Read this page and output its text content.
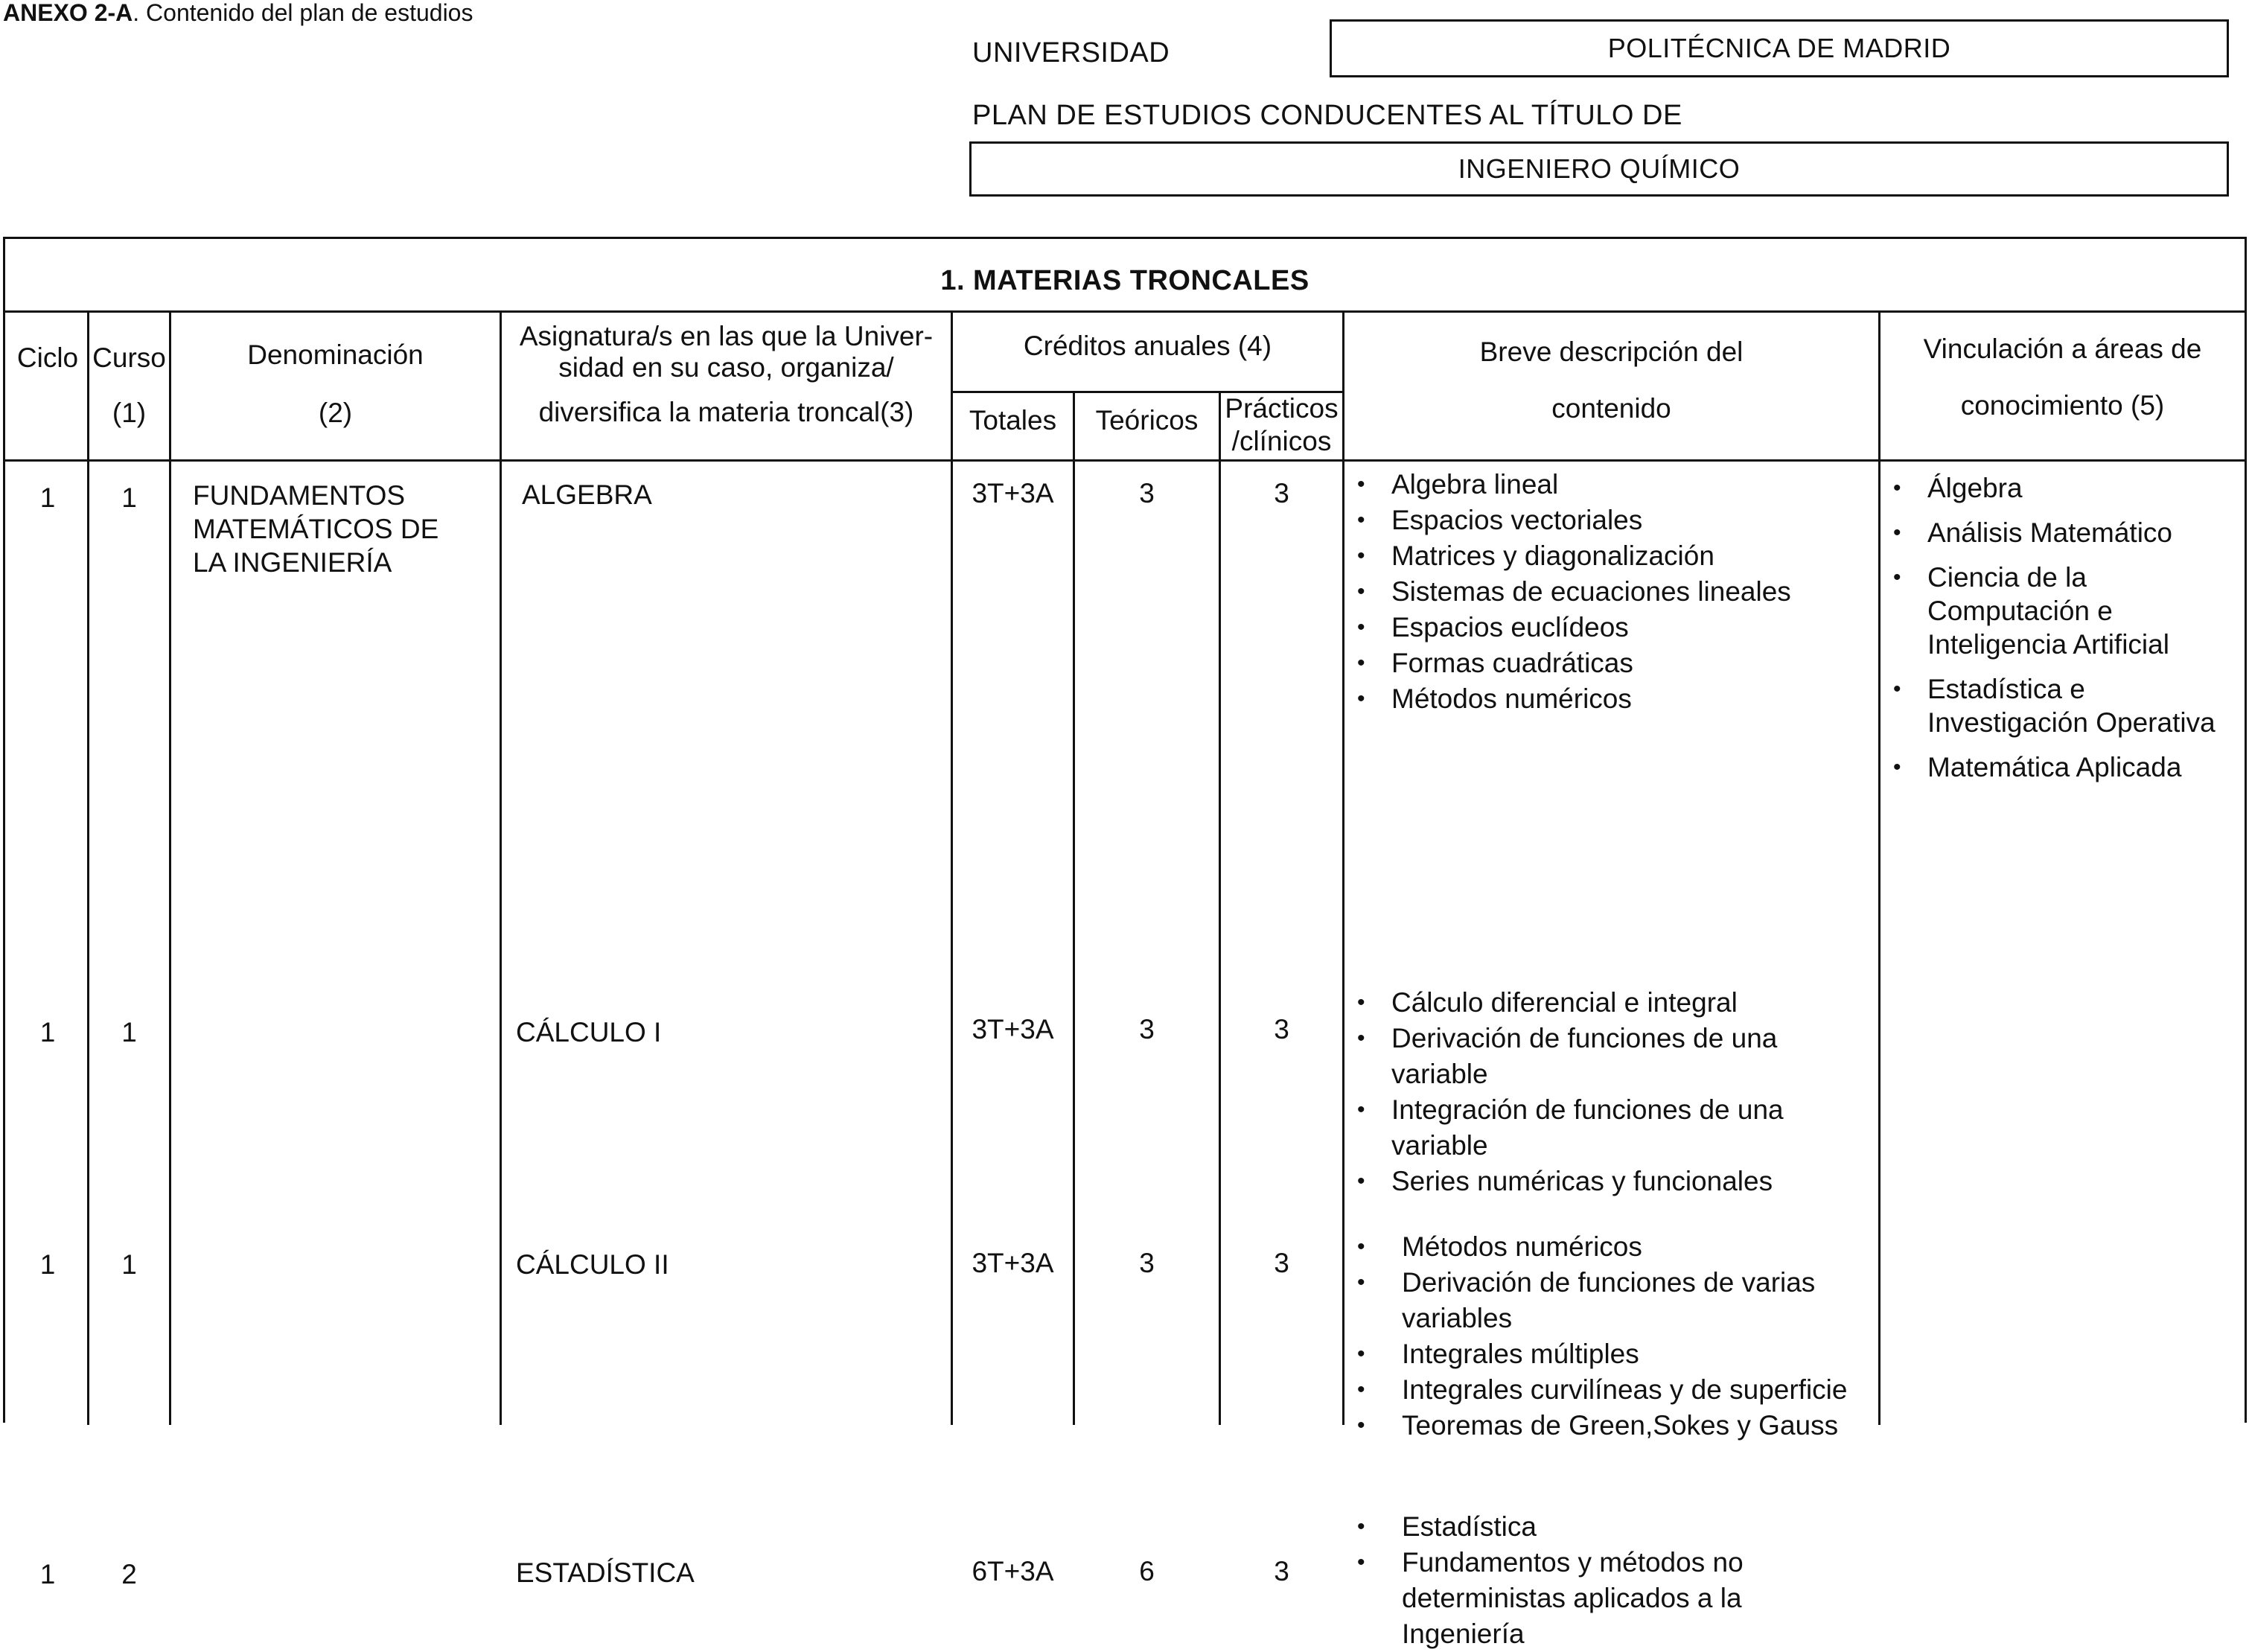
ANEXO 2-A. Contenido del plan de estudios
UNIVERSIDAD	POLITÉCNICA DE MADRID
PLAN DE ESTUDIOS CONDUCENTES AL TÍTULO DE
INGENIERO QUÍMICO
1. MATERIAS TRONCALES
Ciclo Curso
(1)
Denominación
(2)
Asignatura/s en las que la Univer-
sidad en su caso, organiza/
diversifica la materia troncal(3)
Créditos anuales (4)
Totales	Teóricos Prácticos
/clínicos
Breve descripción del
contenido
Vinculación a áreas de
conocimiento (5)
FUNDAMENTOS
MATEMÁTICOS DE
LA INGENIERÍA
• Álgebra
• Análisis Matemático
• Ciencia de la Computación e Inteligencia Artificial
• Estadística e Investigación Operativa
• Matemática Aplicada
1	1	ALGEBRA	3T+3A	3	3
•	Algebra lineal
• Espacios vectoriales
• Matrices y diagonalización
• Sistemas de ecuaciones lineales
• Espacios euclídeos
• Formas cuadráticas
• Métodos numéricos
1	1	CÁLCULO I	3T+3A	3	3
• Cálculo diferencial e integral
• Derivación de funciones de una variable
• Integración de funciones de una variable
• Series numéricas y funcionales
1	1	CÁLCULO II	3T+3A	3	3
• Métodos numéricos
• Derivación de funciones de varias variables
• Integrales múltiples
• Integrales curvilíneas y de superficie
• Teoremas de Green,Sokes y Gauss
1	2	ESTADÍSTICA	6T+3A	6	3
• Estadística
• Fundamentos y métodos no deterministas aplicados a la Ingeniería
